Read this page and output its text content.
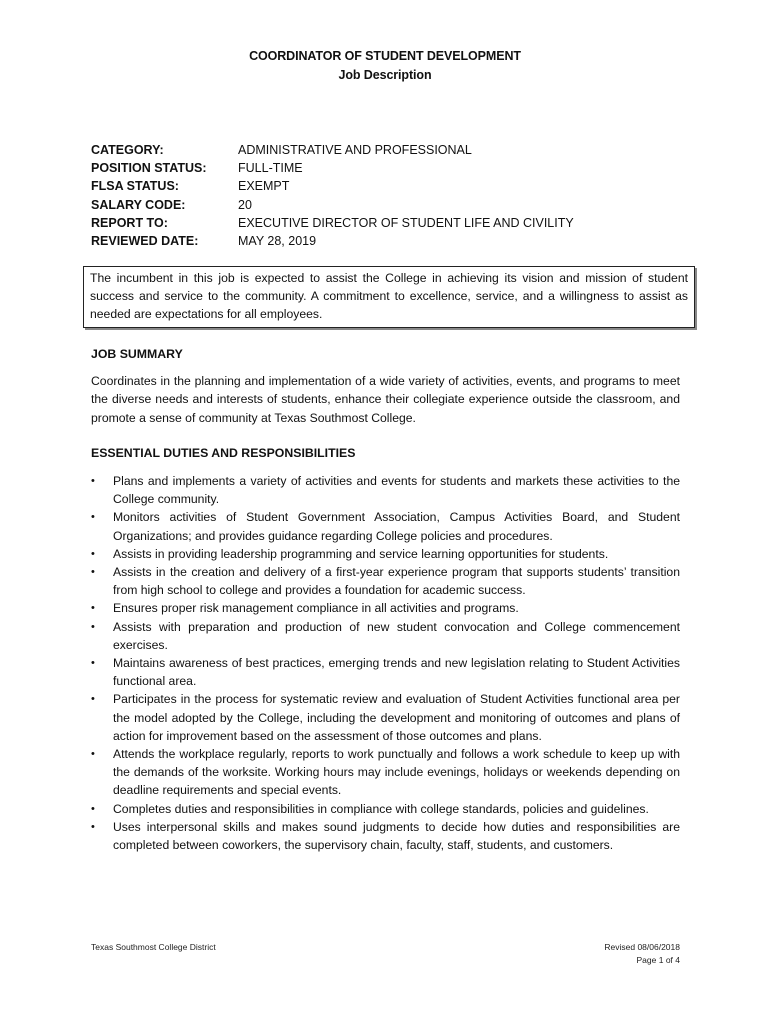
COORDINATOR OF STUDENT DEVELOPMENT
Job Description
CATEGORY:	ADMINISTRATIVE AND PROFESSIONAL
POSITION STATUS:	FULL-TIME
FLSA STATUS:	EXEMPT
SALARY CODE:	20
REPORT TO:	EXECUTIVE DIRECTOR OF STUDENT LIFE AND CIVILITY
REVIEWED DATE:	MAY 28, 2019
The incumbent in this job is expected to assist the College in achieving its vision and mission of student success and service to the community. A commitment to excellence, service, and a willingness to assist as needed are expectations for all employees.
JOB SUMMARY
Coordinates in the planning and implementation of a wide variety of activities, events, and programs to meet the diverse needs and interests of students, enhance their collegiate experience outside the classroom, and promote a sense of community at Texas Southmost College.
ESSENTIAL DUTIES AND RESPONSIBILITIES
• Plans and implements a variety of activities and events for students and markets these activities to the College community.
• Monitors activities of Student Government Association, Campus Activities Board, and Student Organizations; and provides guidance regarding College policies and procedures.
• Assists in providing leadership programming and service learning opportunities for students.
• Assists in the creation and delivery of a first-year experience program that supports students’ transition from high school to college and provides a foundation for academic success.
• Ensures proper risk management compliance in all activities and programs.
• Assists with preparation and production of new student convocation and College commencement exercises.
• Maintains awareness of best practices, emerging trends and new legislation relating to Student Activities functional area.
• Participates in the process for systematic review and evaluation of Student Activities functional area per the model adopted by the College, including the development and monitoring of outcomes and plans of action for improvement based on the assessment of those outcomes and plans.
• Attends the workplace regularly, reports to work punctually and follows a work schedule to keep up with the demands of the worksite. Working hours may include evenings, holidays or weekends depending on deadline requirements and special events.
• Completes duties and responsibilities in compliance with college standards, policies and guidelines.
• Uses interpersonal skills and makes sound judgments to decide how duties and responsibilities are completed between coworkers, the supervisory chain, faculty, staff, students, and customers.
Texas Southmost College District	Revised 08/06/2018
Page 1 of 4
